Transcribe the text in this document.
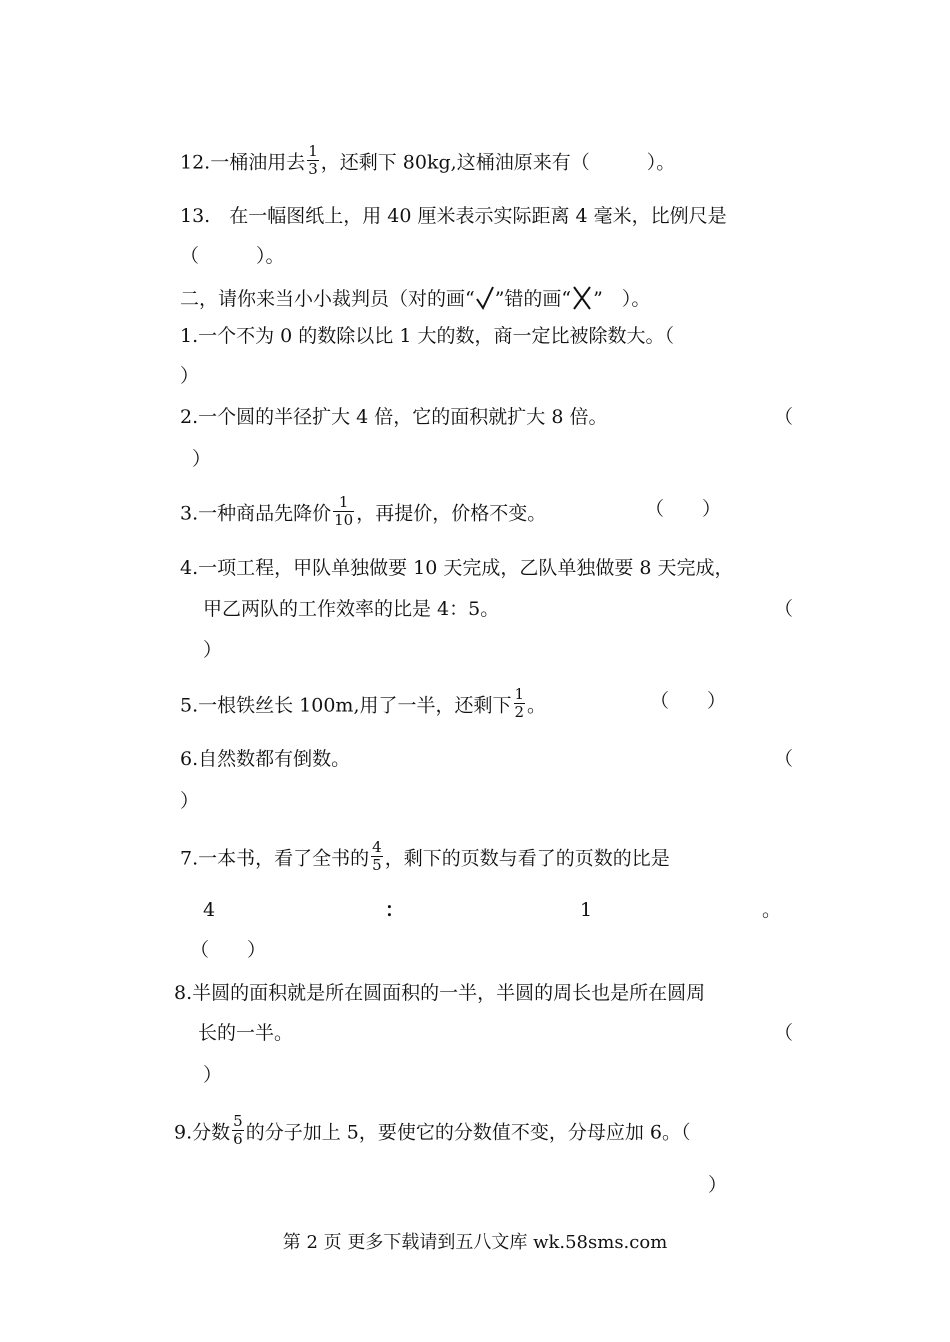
12.一桶油用去 $\frac{1}{3}$ ，还剩下 80kg,这桶油原来有（　　　）。
13.　在一幅图纸上，用 40 厘米表示实际距离 4 毫米，比例尺是
（　　　）。
二，请你来当小小裁判员（对的画“ ”错的画“ ”　）。
1.一个不为 0 的数除以比 1 大的数，商一定比被除数大。（
）
2.一个圆的半径扩大 4 倍，它的面积就扩大 8 倍。	（
）
3.一种商品先降价 $\frac{1}{10}$ ，再提价，价格不变。	（　　）
4.一项工程，甲队单独做要 10 天完成，乙队单独做要 8 天完成，
甲乙两队的工作效率的比是 4：5。	（
）
5.一根铁丝长 100m,用了一半，还剩下 $\frac{1}{2}$ 。	（　　）
6.自然数都有倒数。	（
）
7.一本书，看了全书的 $\frac{4}{5}$ ，剩下的页数与看了的页数的比是
4	：	1	。
（　　）
8.半圆的面积就是所在圆面积的一半，半圆的周长也是所在圆周
长的一半。	（
）
9.分数 $\frac{5}{6}$ 的分子加上 5，要使它的分数值不变，分母应加 6。（
）
第 2 页 更多下载请到五八文库 wk.58sms.com
